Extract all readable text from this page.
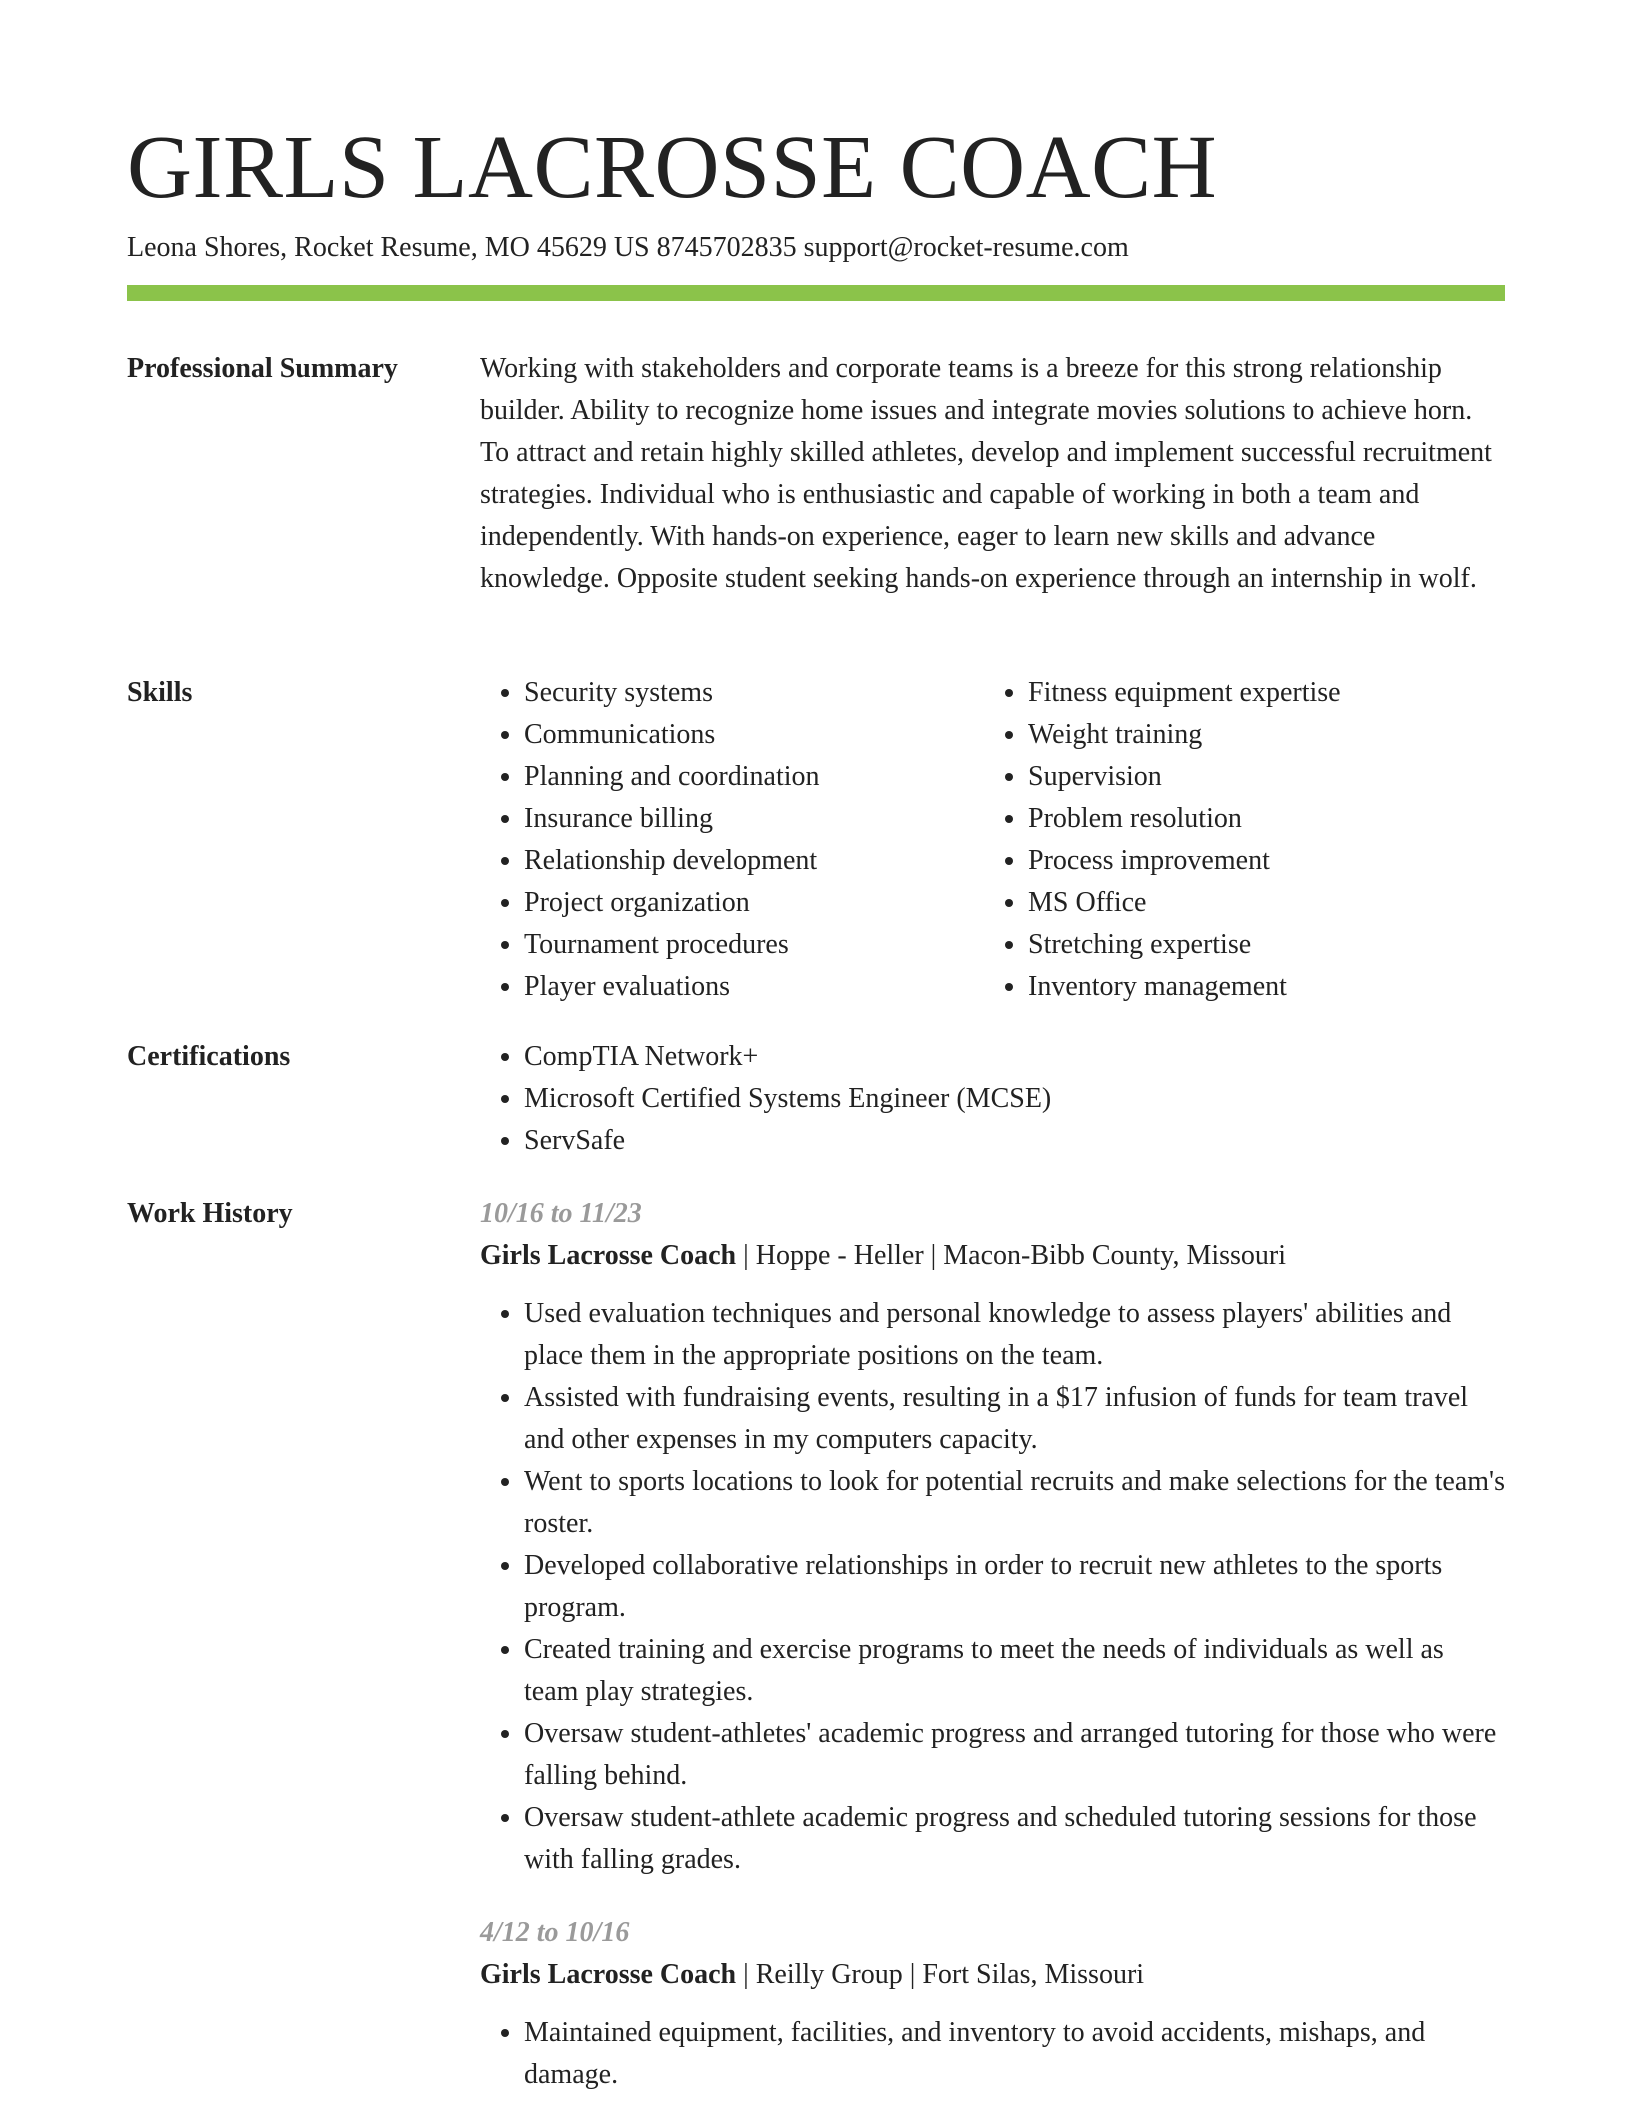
GIRLS LACROSSE COACH
Leona Shores, Rocket Resume, MO 45629 US 8745702835 support@rocket-resume.com
Professional Summary	Working with stakeholders and corporate teams is a breeze for this strong relationship builder. Ability to recognize home issues and integrate movies solutions to achieve horn. To attract and retain highly skilled athletes, develop and implement successful recruitment strategies. Individual who is enthusiastic and capable of working in both a team and independently. With hands-on experience, eager to learn new skills and advance knowledge. Opposite student seeking hands-on experience through an internship in wolf.

Skills	• Security systems
• Communications
• Planning and coordination
• Insurance billing
• Relationship development
• Project organization
• Tournament procedures
• Player evaluations
• Fitness equipment expertise
• Weight training
• Supervision
• Problem resolution
• Process improvement
• MS Office
• Stretching expertise
• Inventory management
Certifications	• CompTIA Network+
• Microsoft Certified Systems Engineer (MCSE)
• ServSafe
Work History	10/16 to 11/23
Girls Lacrosse Coach | Hoppe - Heller | Macon-Bibb County, Missouri
• Used evaluation techniques and personal knowledge to assess players' abilities and place them in the appropriate positions on the team.
• Assisted with fundraising events, resulting in a $17 infusion of funds for team travel and other expenses in my computers capacity.
• Went to sports locations to look for potential recruits and make selections for the team's roster.
• Developed collaborative relationships in order to recruit new athletes to the sports program.
• Created training and exercise programs to meet the needs of individuals as well as team play strategies.
• Oversaw student-athletes' academic progress and arranged tutoring for those who were falling behind.
• Oversaw student-athlete academic progress and scheduled tutoring sessions for those with falling grades.
4/12 to 10/16
Girls Lacrosse Coach | Reilly Group | Fort Silas, Missouri
• Maintained equipment, facilities, and inventory to avoid accidents, mishaps, and damage.
